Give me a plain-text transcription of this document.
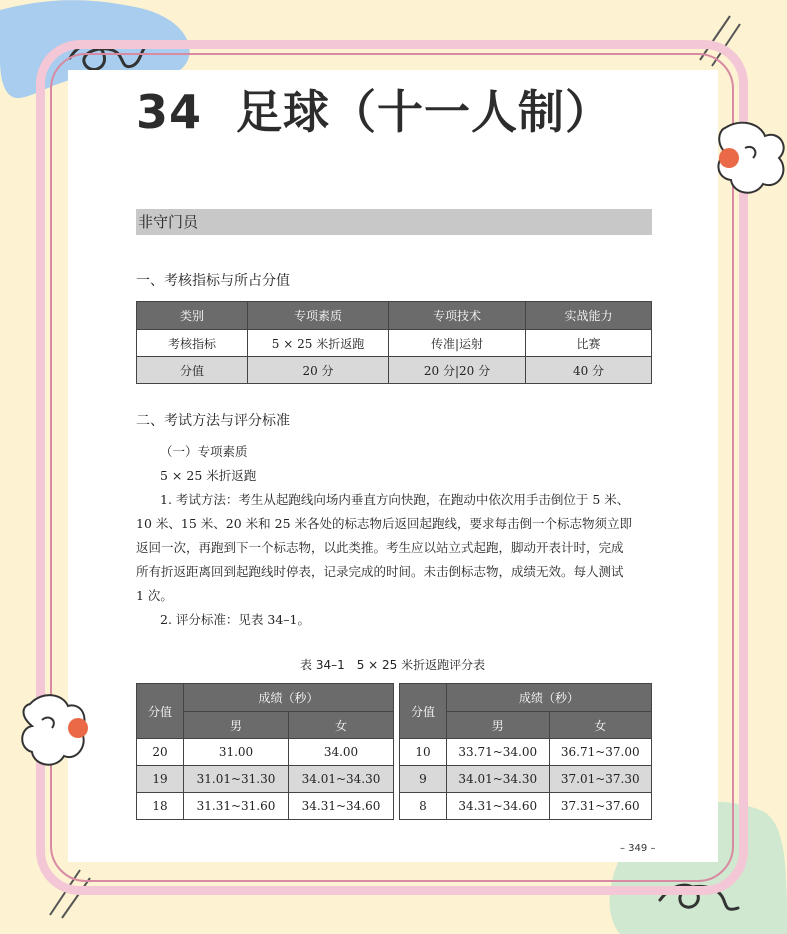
34 足球（十一人制）
非守门员
一、考核指标与所占分值
类别	专项素质	专项技术	实战能力
考核指标	5 × 25 米折返跑	传准|运射	比赛
分值	20 分	20 分|20 分	40 分
二、考试方法与评分标准
（一）专项素质
5 × 25 米折返跑
1. 考试方法：考生从起跑线向场内垂直方向快跑，在跑动中依次用手击倒位于 5 米、
10 米、15 米、20 米和 25 米各处的标志物后返回起跑线，要求每击倒一个标志物须立即
返回一次，再跑到下一个标志物，以此类推。考生应以站立式起跑，脚动开表计时，完成
所有折返距离回到起跑线时停表，记录完成的时间。未击倒标志物，成绩无效。每人测试
1 次。
2. 评分标准：见表 34–1。
表 34–1　5 × 25 米折返跑评分表
分值	成绩（秒）	
	男	女
20	31.00	34.00
19	31.01~31.30	34.01~34.30
18	31.31~31.60	34.31~34.60
分值	成绩（秒）	
	男	女
10	33.71~34.00	36.71~37.00
9	34.01~34.30	37.01~37.30
8	34.31~34.60	37.31~37.60
– 349 –
